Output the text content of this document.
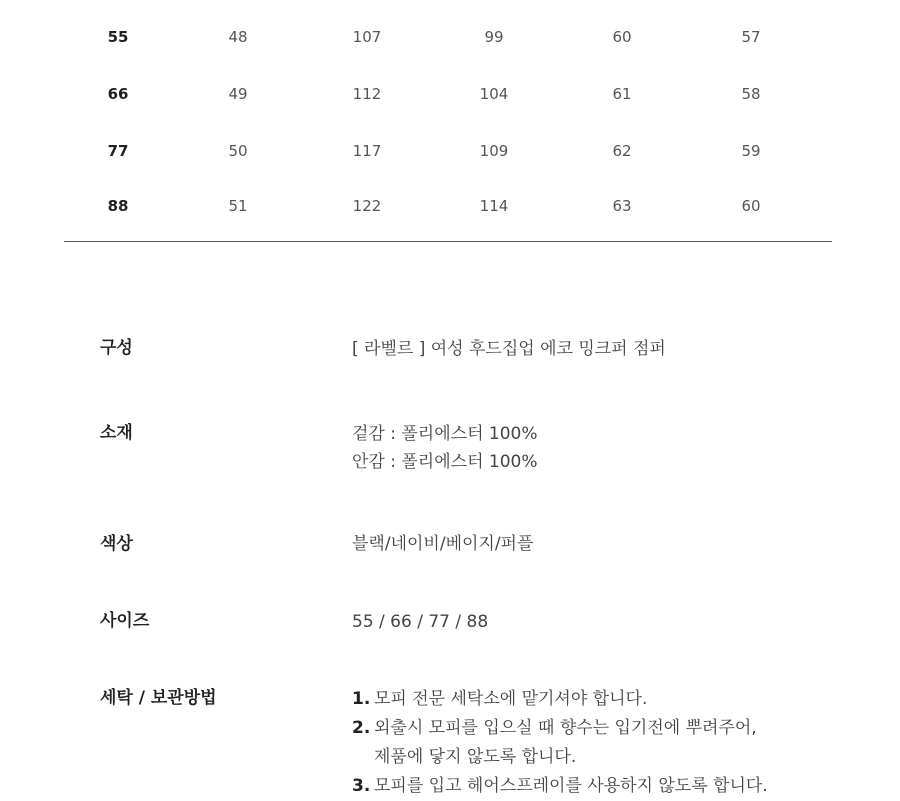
55	48	107	99	60	57
66	49	112	104	61	58
77	50	117	109	62	59
88	51	122	114	63	60
구성	[ 라벨르 ] 여성 후드집업 에코 밍크퍼 점퍼
소재	겉감 : 폴리에스터 100%
안감 : 폴리에스터 100%
색상	블랙/네이비/베이지/퍼플
사이즈	55 / 66 / 77 / 88
세탁 / 보관방법	1. 모피 전문 세탁소에 맡기셔야 합니다.
2. 외출시 모피를 입으실 때 향수는 입기전에 뿌려주어,
제품에 닿지 않도록 합니다.
3. 모피를 입고 헤어스프레이를 사용하지 않도록 합니다.
